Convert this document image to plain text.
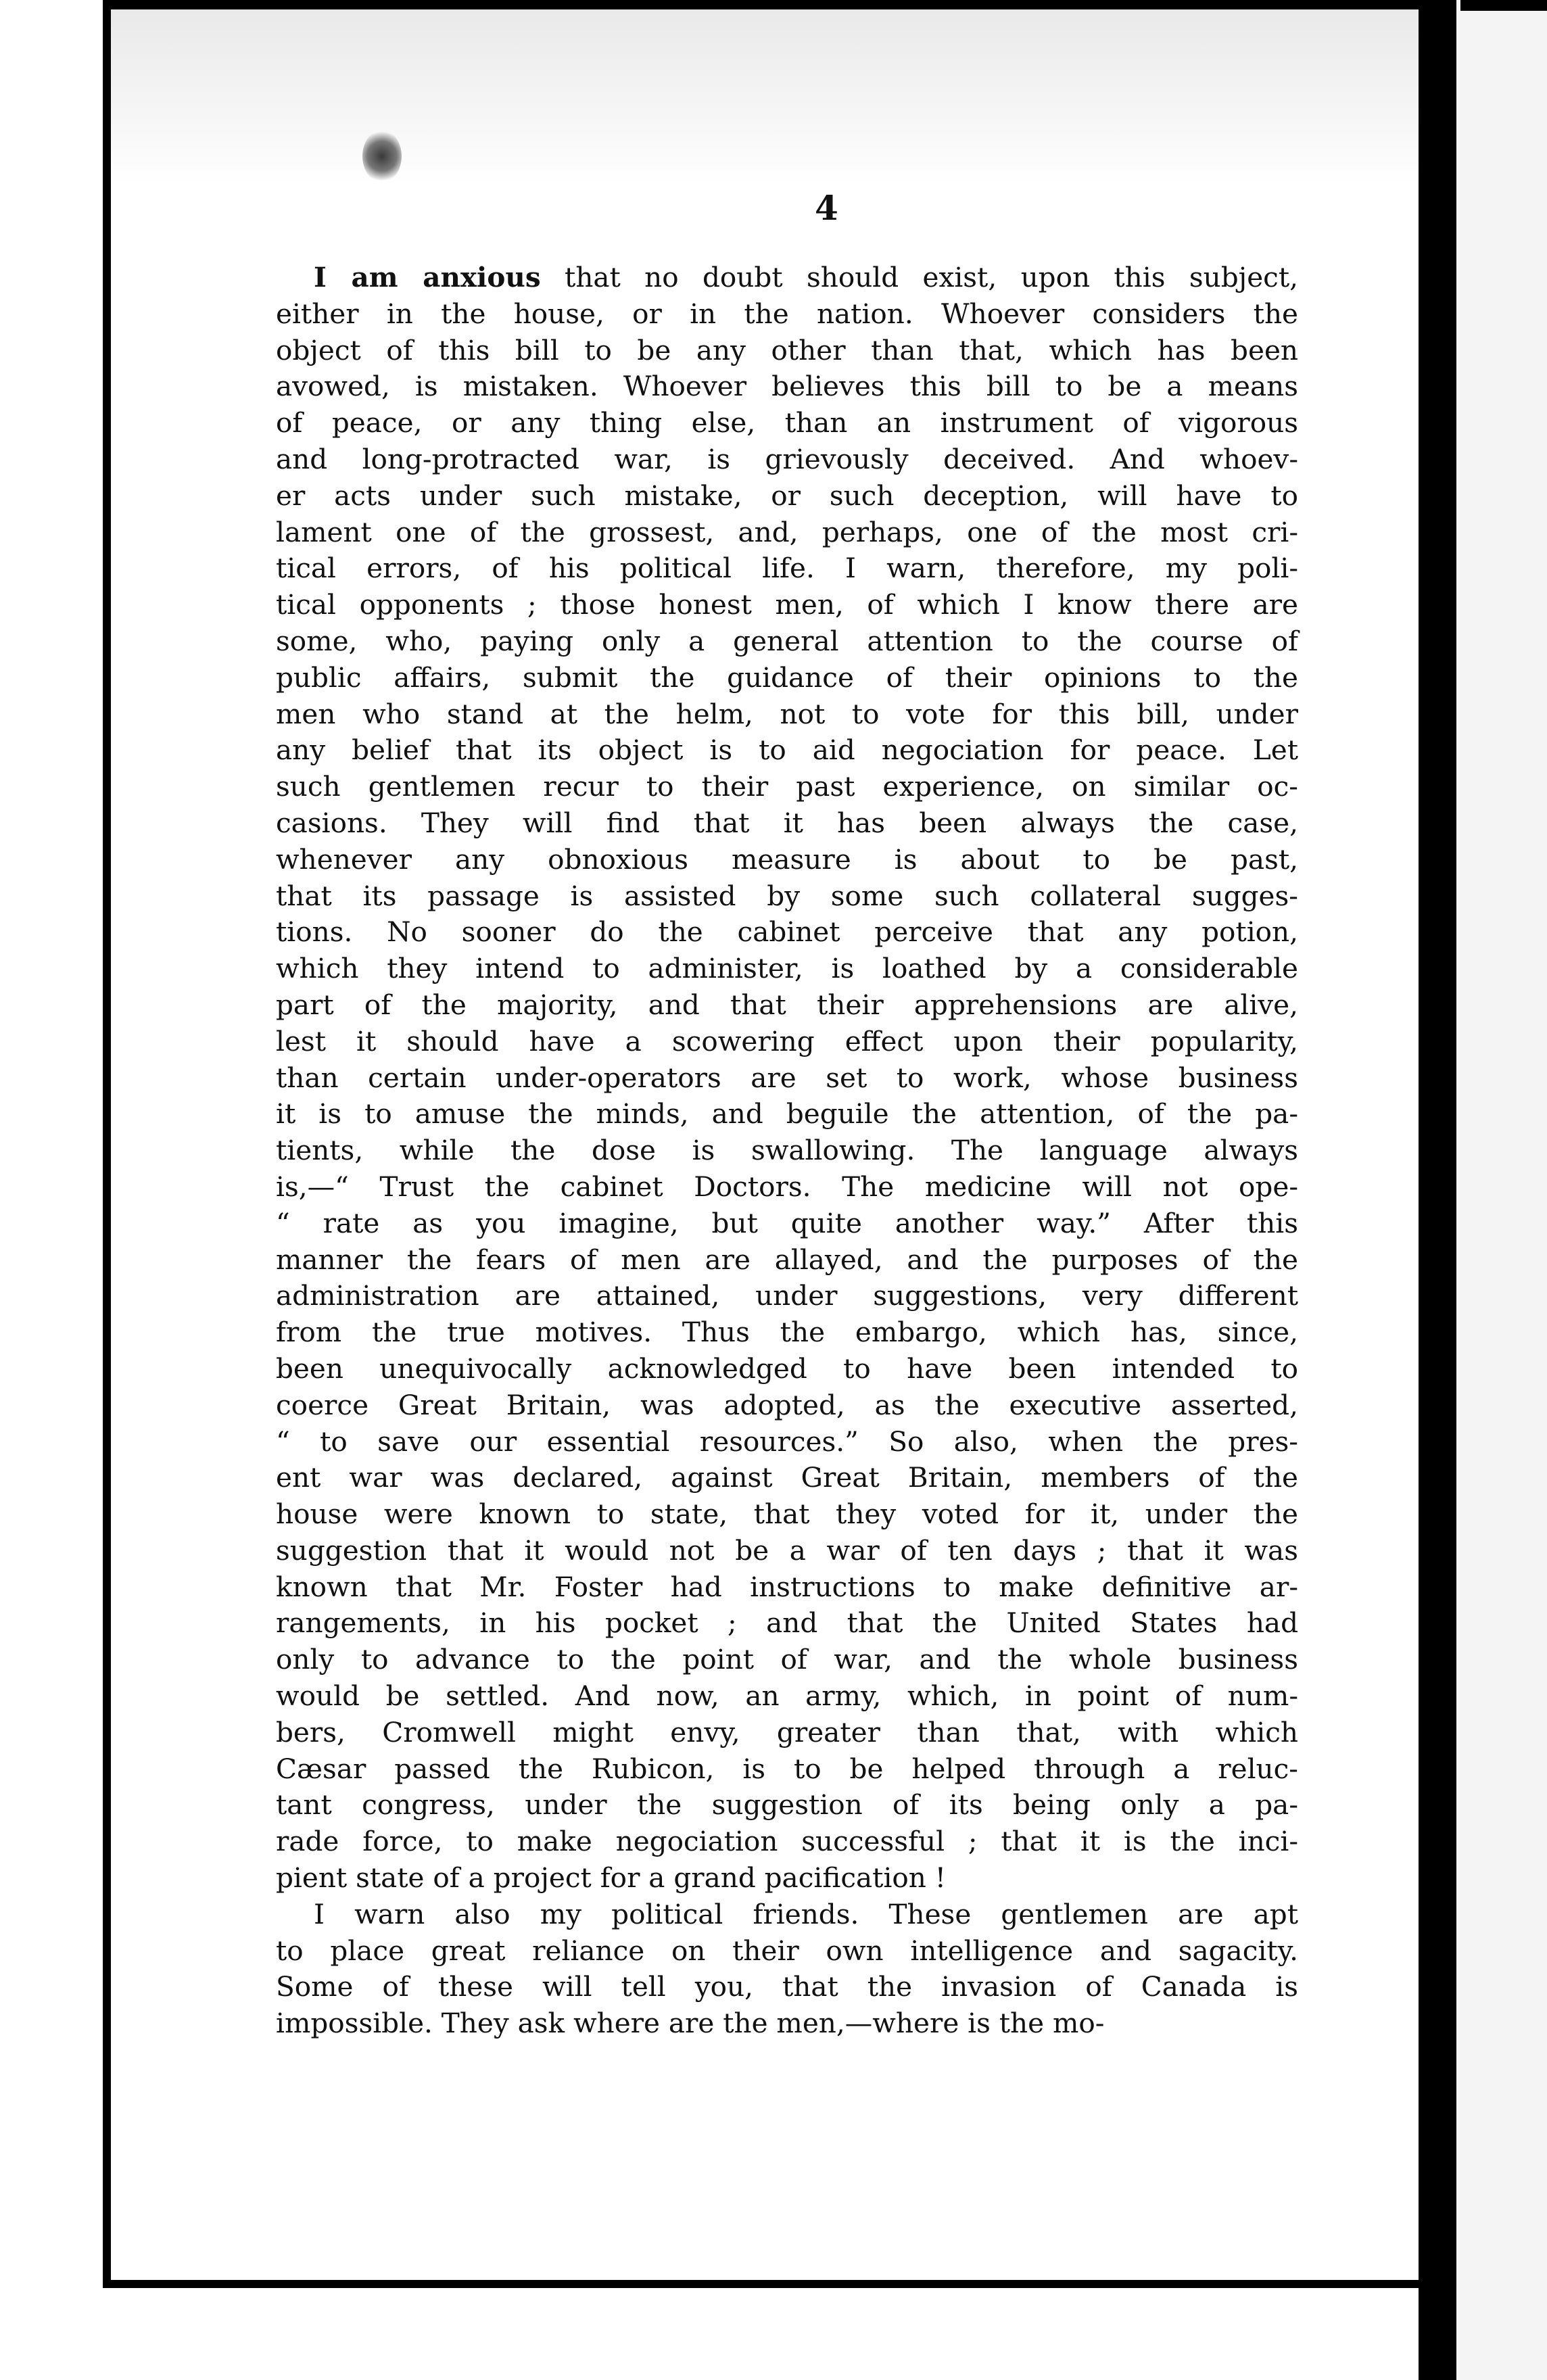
4
I am anxious that no doubt should exist, upon this subject,
either in the house, or in the nation. Whoever considers the
object of this bill to be any other than that, which has been
avowed, is mistaken. Whoever believes this bill to be a means
of peace, or any thing else, than an instrument of vigorous
and long-protracted war, is grievously deceived. And whoev-
er acts under such mistake, or such deception, will have to
lament one of the grossest, and, perhaps, one of the most cri-
tical errors, of his political life. I warn, therefore, my poli-
tical opponents ; those honest men, of which I know there are
some, who, paying only a general attention to the course of
public affairs, submit the guidance of their opinions to the
men who stand at the helm, not to vote for this bill, under
any belief that its object is to aid negociation for peace. Let
such gentlemen recur to their past experience, on similar oc-
casions. They will find that it has been always the case,
whenever any obnoxious measure is about to be past,
that its passage is assisted by some such collateral sugges-
tions. No sooner do the cabinet perceive that any potion,
which they intend to administer, is loathed by a considerable
part of the majority, and that their apprehensions are alive,
lest it should have a scowering effect upon their popularity,
than certain under-operators are set to work, whose business
it is to amuse the minds, and beguile the attention, of the pa-
tients, while the dose is swallowing. The language always
is,—“ Trust the cabinet Doctors. The medicine will not ope-
“ rate as you imagine, but quite another way.” After this
manner the fears of men are allayed, and the purposes of the
administration are attained, under suggestions, very different
from the true motives. Thus the embargo, which has, since,
been unequivocally acknowledged to have been intended to
coerce Great Britain, was adopted, as the executive asserted,
“ to save our essential resources.” So also, when the pres-
ent war was declared, against Great Britain, members of the
house were known to state, that they voted for it, under the
suggestion that it would not be a war of ten days ; that it was
known that Mr. Foster had instructions to make definitive ar-
rangements, in his pocket ; and that the United States had
only to advance to the point of war, and the whole business
would be settled. And now, an army, which, in point of num-
bers, Cromwell might envy, greater than that, with which
Cæsar passed the Rubicon, is to be helped through a reluc-
tant congress, under the suggestion of its being only a pa-
rade force, to make negociation successful ; that it is the inci-
pient state of a project for a grand pacification !
I warn also my political friends. These gentlemen are apt
to place great reliance on their own intelligence and sagacity.
Some of these will tell you, that the invasion of Canada is
impossible. They ask where are the men,—where is the mo-
